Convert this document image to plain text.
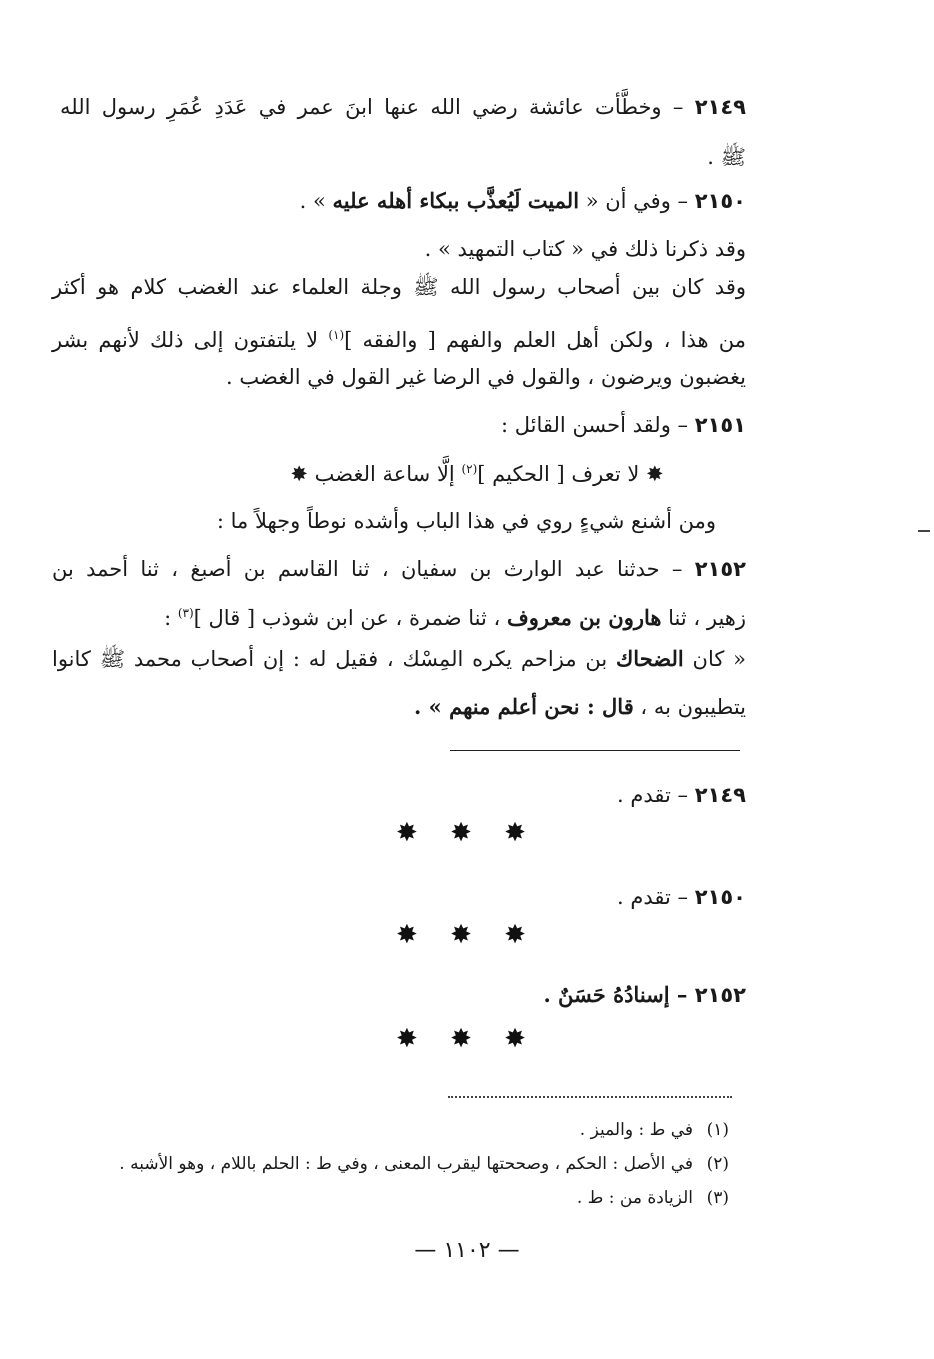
٢١٤٩ – وخطَّأت عائشة رضي الله عنها ابنَ عمر في عَدَدِ عُمَرِ رسول الله
ﷺ .
٢١٥٠ – وفي أن « الميت لَيُعذَّب ببكاء أهله عليه » .
وقد ذكرنا ذلك في « كتاب التمهيد » .
وقد كان بين أصحاب رسول الله ﷺ وجلة العلماء عند الغضب كلام هو أكثر
من هذا ، ولكن أهل العلم والفهم [ والفقه ]$^{(١)}$ لا يلتفتون إلى ذلك لأنهم بشر
يغضبون ويرضون ، والقول في الرضا غير القول في الغضب .
٢١٥١ – ولقد أحسن القائل :
✸ لا تعرف [ الحكيم ]$^{(٢)}$ إلَّا ساعة الغضب ✸
ومن أشنع شيءٍ روي في هذا الباب وأشده نوطاً وجهلاً ما :
٢١٥٢ – حدثنا عبد الوارث بن سفيان ، ثنا القاسم بن أصبغ ، ثنا أحمد بن
زهير ، ثنا هارون بن معروف ، ثنا ضمرة ، عن ابن شوذب [ قال ]$^{(٣)}$ :
« كان الضحاك بن مزاحم يكره المِسْك ، فقيل له : إن أصحاب محمد ﷺ كانوا
يتطيبون به ، قال : نحن أعلم منهم » .
٢١٤٩ – تقدم .
✸ ✸ ✸
٢١٥٠ – تقدم .
✸ ✸ ✸
٢١٥٢ – إسنادُهُ حَسَنٌ .
✸ ✸ ✸
(١)في ط : والميز .
(٢)في الأصل : الحكم ، وصححتها ليقرب المعنى ، وفي ط : الحلم باللام ، وهو الأشبه .
(٣)الزيادة من : ط .
— ١١٠٢ —
